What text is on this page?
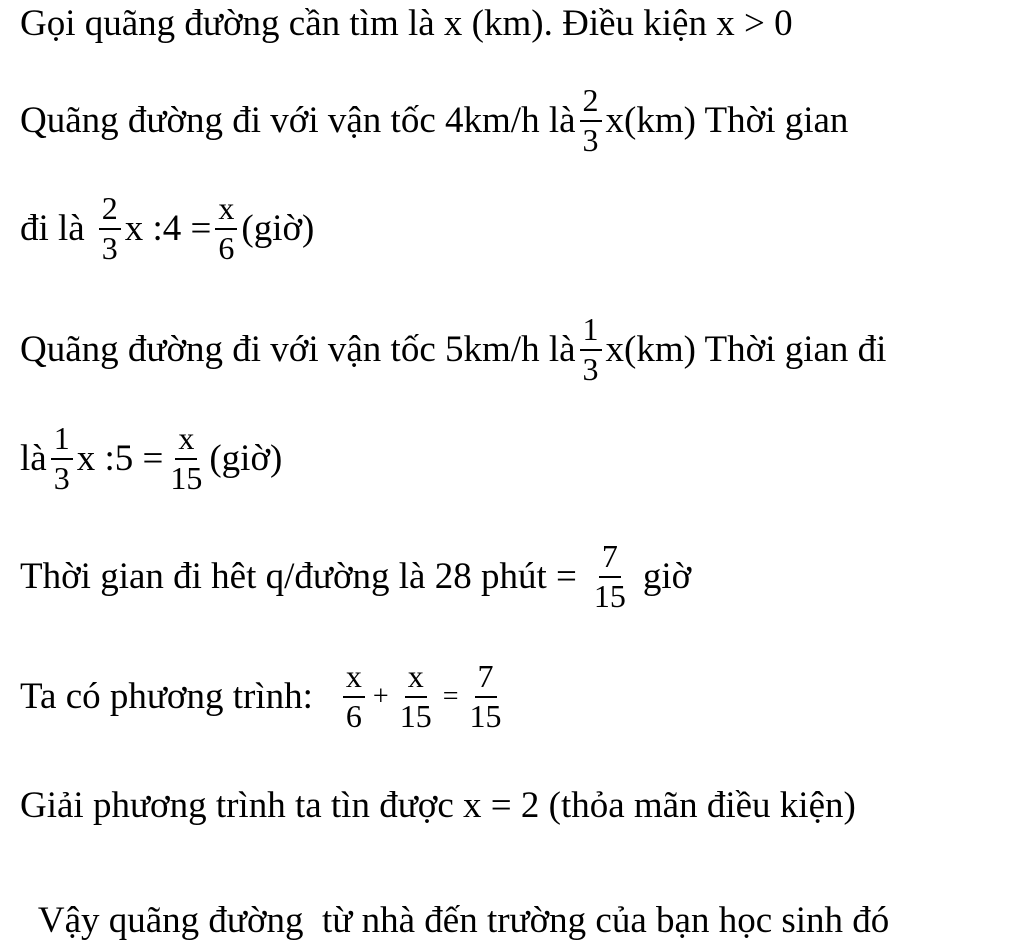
Gọi quãng đường cần tìm là x (km). Điều kiện x > 0
Quãng đường đi với vận tốc 4km/h là $\frac{2}{3} x(km)$ Thời gian
đi là $\frac{2}{3}$ x :4 = $\frac{x}{6}$ (giờ)
Quãng đường đi với vận tốc 5km/h là $\frac{1}{3} x(km)$ Thời gian đi
là $\frac{1}{3}$ x :5 = $\frac{x}{15}$ (giờ)
Thời gian đi hêt q/đường là 28 phút = $\frac{7}{15}$ giờ
Ta có phương trình: $\frac{x}{6} + \frac{x}{15} = \frac{7}{15}$
Giải phương trình ta tìn được x = 2 (thỏa mãn điều kiện)

Vậy quãng đường  từ nhà đến trường của bạn học sinh đó
